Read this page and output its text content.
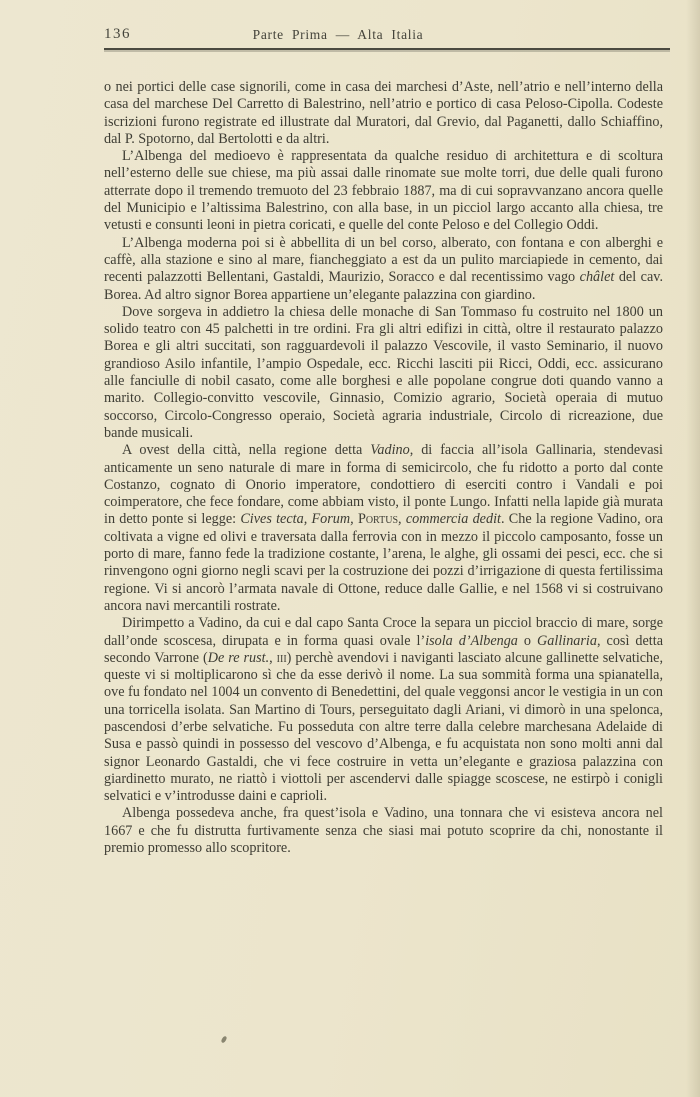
136	Parte Prima — Alta Italia

o nei portici delle case signorili, come in casa dei marchesi d’Aste, nell’atrio e nell’interno della casa del marchese Del Carretto di Balestrino, nell’atrio e portico di casa Peloso-Cipolla. Codeste iscrizioni furono registrate ed illustrate dal Muratori, dal Grevio, dal Paganetti, dallo Schiaffino, dal P. Spotorno, dal Bertolotti e da altri.

L’Albenga del medioevo è rappresentata da qualche residuo di architettura e di scoltura nell’esterno delle sue chiese, ma più assai dalle rinomate sue molte torri, due delle quali furono atterrate dopo il tremendo tremuoto del 23 febbraio 1887, ma di cui sopravvanzano ancora quelle del Municipio e l’altissima Balestrino, con alla base, in un picciol largo accanto alla chiesa, tre vetusti e consunti leoni in pietra coricati, e quelle del conte Peloso e del Collegio Oddi.

L’Albenga moderna poi si è abbellita di un bel corso, alberato, con fontana e con alberghi e caffè, alla stazione e sino al mare, fiancheggiato a est da un pulito marciapiede in cemento, dai recenti palazzotti Bellentani, Gastaldi, Maurizio, Soracco e dal recentissimo vago châlet del cav. Borea. Ad altro signor Borea appartiene un’elegante palazzina con giardino.

Dove sorgeva in addietro la chiesa delle monache di San Tommaso fu costruito nel 1800 un solido teatro con 45 palchetti in tre ordini. Fra gli altri edifizi in città, oltre il restaurato palazzo Borea e gli altri succitati, son ragguardevoli il palazzo Vescovile, il vasto Seminario, il nuovo grandioso Asilo infantile, l’ampio Ospedale, ecc. Ricchi lasciti pii Ricci, Oddi, ecc. assicurano alle fanciulle di nobil casato, come alle borghesi e alle popolane congrue doti quando vanno a marito. Collegio-convitto vescovile, Ginnasio, Comizio agrario, Società operaia di mutuo soccorso, Circolo-Congresso operaio, Società agraria industriale, Circolo di ricreazione, due bande musicali.

A ovest della città, nella regione detta Vadino, di faccia all’isola Gallinaria, stendevasi anticamente un seno naturale di mare in forma di semicircolo, che fu ridotto a porto dal conte Costanzo, cognato di Onorio imperatore, condottiero di eserciti contro i Vandali e poi coimperatore, che fece fondare, come abbiam visto, il ponte Lungo. Infatti nella lapide già murata in detto ponte si legge: Cives tecta, Forum, Portus, commercia dedit. Che la regione Vadino, ora coltivata a vigne ed olivi e traversata dalla ferrovia con in mezzo il piccolo camposanto, fosse un porto di mare, fanno fede la tradizione costante, l’arena, le alghe, gli ossami dei pesci, ecc. che si rinvengono ogni giorno negli scavi per la costruzione dei pozzi d’irrigazione di questa fertilissima regione. Vi si ancorò l’armata navale di Ottone, reduce dalle Gallie, e nel 1568 vi si costruivano ancora navi mercantili rostrate.

Dirimpetto a Vadino, da cui e dal capo Santa Croce la separa un picciol braccio di mare, sorge dall’onde scoscesa, dirupata e in forma quasi ovale l’isola d’Albenga o Gallinaria, così detta secondo Varrone (De re rust., iii) perchè avendovi i naviganti lasciato alcune gallinette selvatiche, queste vi si moltiplicarono sì che da esse derivò il nome. La sua sommità forma una spianatella, ove fu fondato nel 1004 un convento di Benedettini, del quale veggonsi ancor le vestigia in un con una torricella isolata. San Martino di Tours, perseguitato dagli Ariani, vi dimorò in una spelonca, pascendosi d’erbe selvatiche. Fu posseduta con altre terre dalla celebre marchesana Adelaide di Susa e passò quindi in possesso del vescovo d’Albenga, e fu acquistata non sono molti anni dal signor Leonardo Gastaldi, che vi fece costruire in vetta un’elegante e graziosa palazzina con giardinetto murato, ne riattò i viottoli per ascendervi dalle spiagge scoscese, ne estirpò i conigli selvatici e v’introdusse daini e caprioli.

Albenga possedeva anche, fra quest’isola e Vadino, una tonnara che vi esisteva ancora nel 1667 e che fu distrutta furtivamente senza che siasi mai potuto scoprire da chi, nonostante il premio promesso allo scopritore.
